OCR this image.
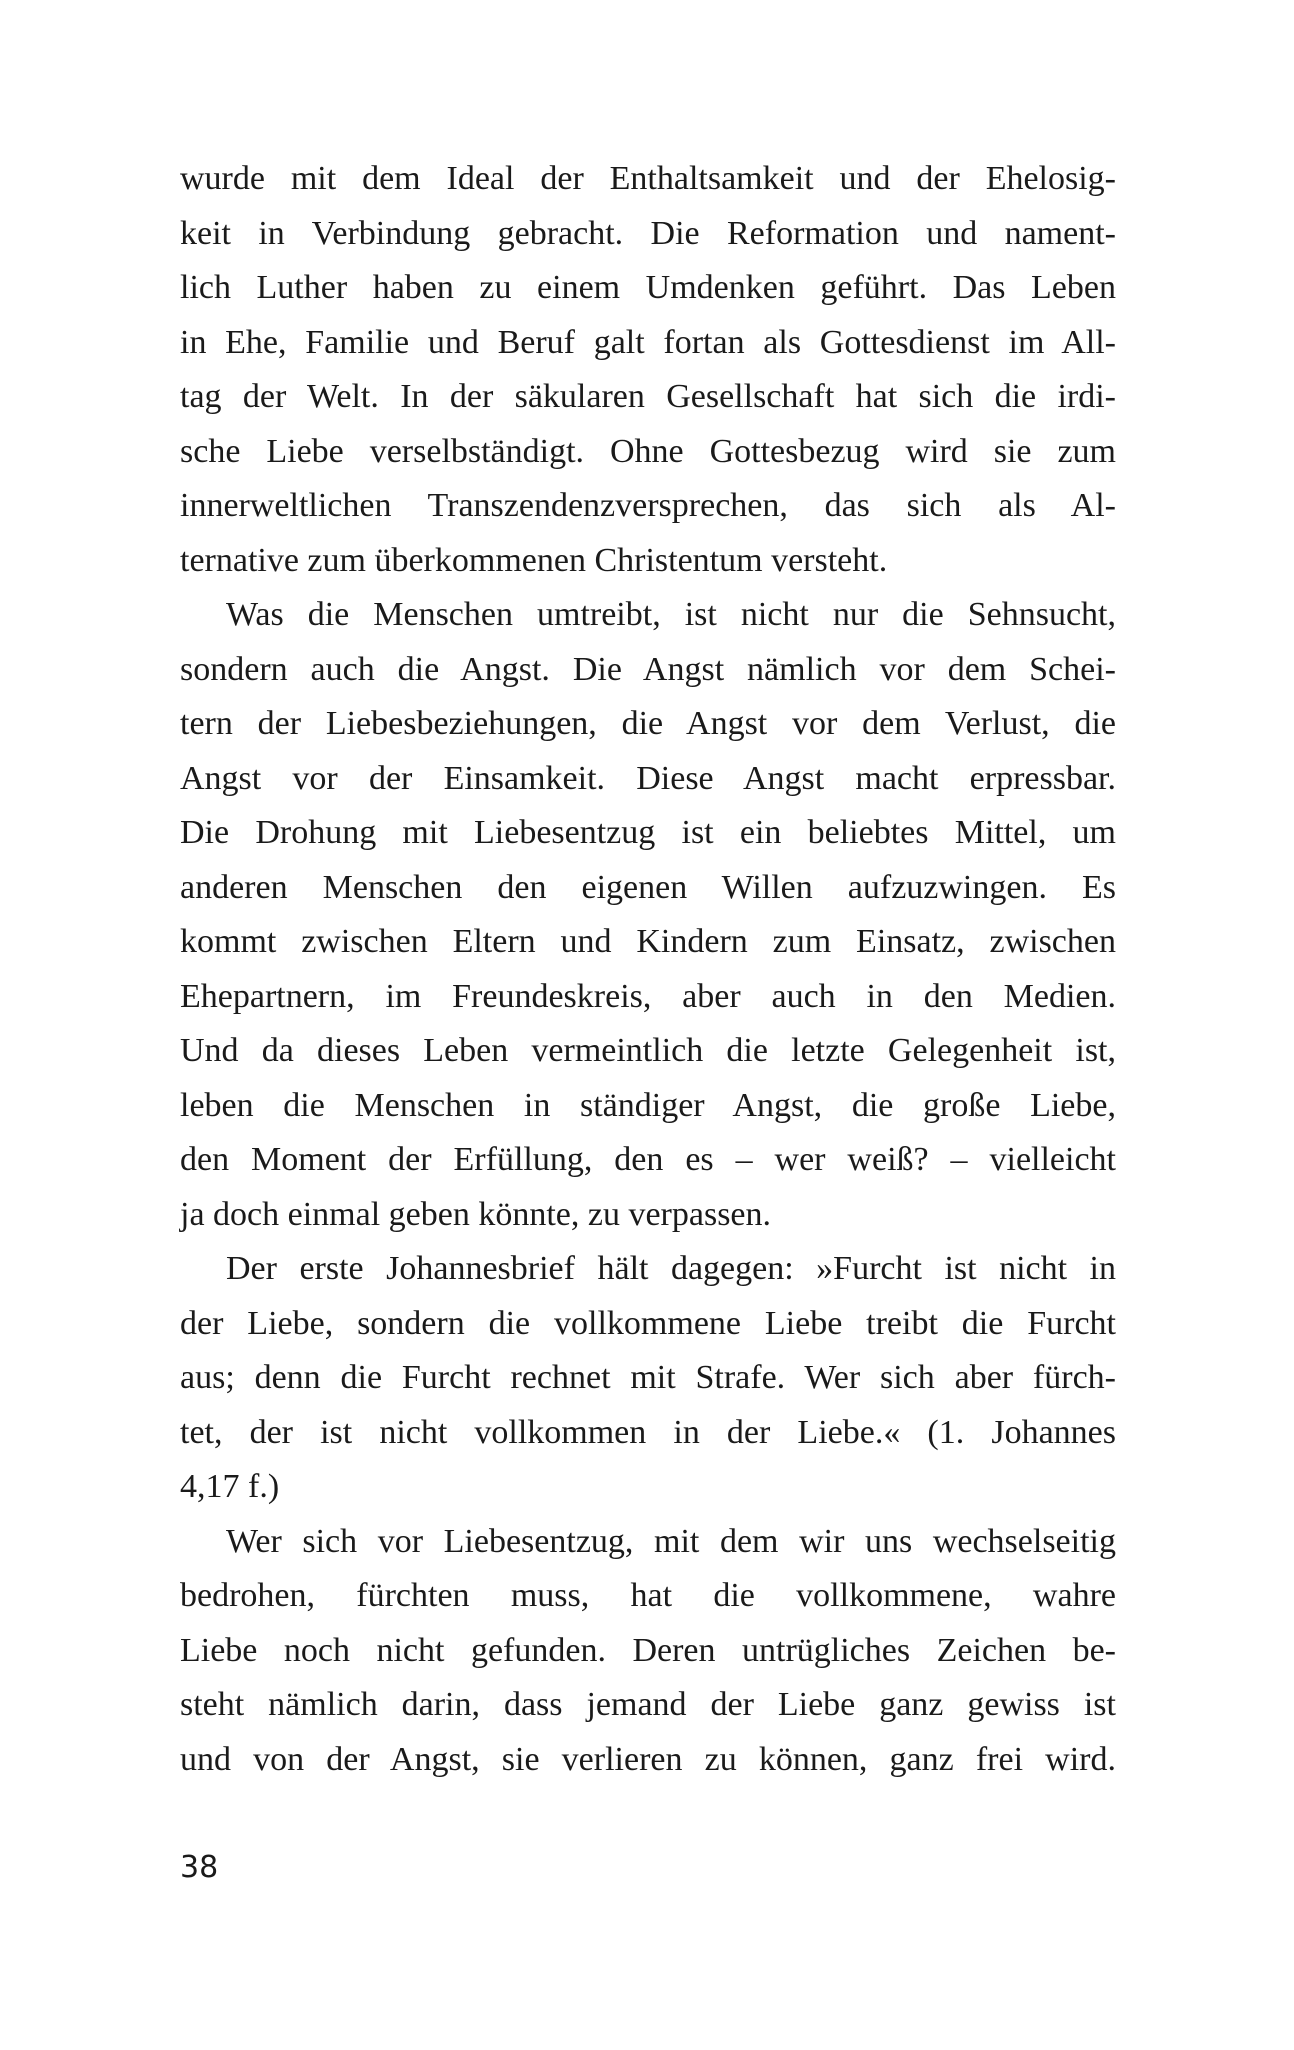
wurde mit dem Ideal der Enthaltsamkeit und der Ehelosig-
keit in Verbindung gebracht. Die Reformation und nament-
lich Luther haben zu einem Umdenken geführt. Das Leben
in Ehe, Familie und Beruf galt fortan als Gottesdienst im All-
tag der Welt. In der säkularen Gesellschaft hat sich die irdi-
sche Liebe verselbständigt. Ohne Gottesbezug wird sie zum
innerweltlichen Transzendenzversprechen, das sich als Al-
ternative zum überkommenen Christentum versteht.
Was die Menschen umtreibt, ist nicht nur die Sehnsucht,
sondern auch die Angst. Die Angst nämlich vor dem Schei-
tern der Liebesbeziehungen, die Angst vor dem Verlust, die
Angst vor der Einsamkeit. Diese Angst macht erpressbar.
Die Drohung mit Liebesentzug ist ein beliebtes Mittel, um
anderen Menschen den eigenen Willen aufzuzwingen. Es
kommt zwischen Eltern und Kindern zum Einsatz, zwischen
Ehepartnern, im Freundeskreis, aber auch in den Medien.
Und da dieses Leben vermeintlich die letzte Gelegenheit ist,
leben die Menschen in ständiger Angst, die große Liebe,
den Moment der Erfüllung, den es – wer weiß? – vielleicht
ja doch einmal geben könnte, zu verpassen.
Der erste Johannesbrief hält dagegen: »Furcht ist nicht in
der Liebe, sondern die vollkommene Liebe treibt die Furcht
aus; denn die Furcht rechnet mit Strafe. Wer sich aber fürch-
tet, der ist nicht vollkommen in der Liebe.« (1. Johannes
4,17 f.)
Wer sich vor Liebesentzug, mit dem wir uns wechselseitig
bedrohen, fürchten muss, hat die vollkommene, wahre
Liebe noch nicht gefunden. Deren untrügliches Zeichen be-
steht nämlich darin, dass jemand der Liebe ganz gewiss ist
und von der Angst, sie verlieren zu können, ganz frei wird.
38
